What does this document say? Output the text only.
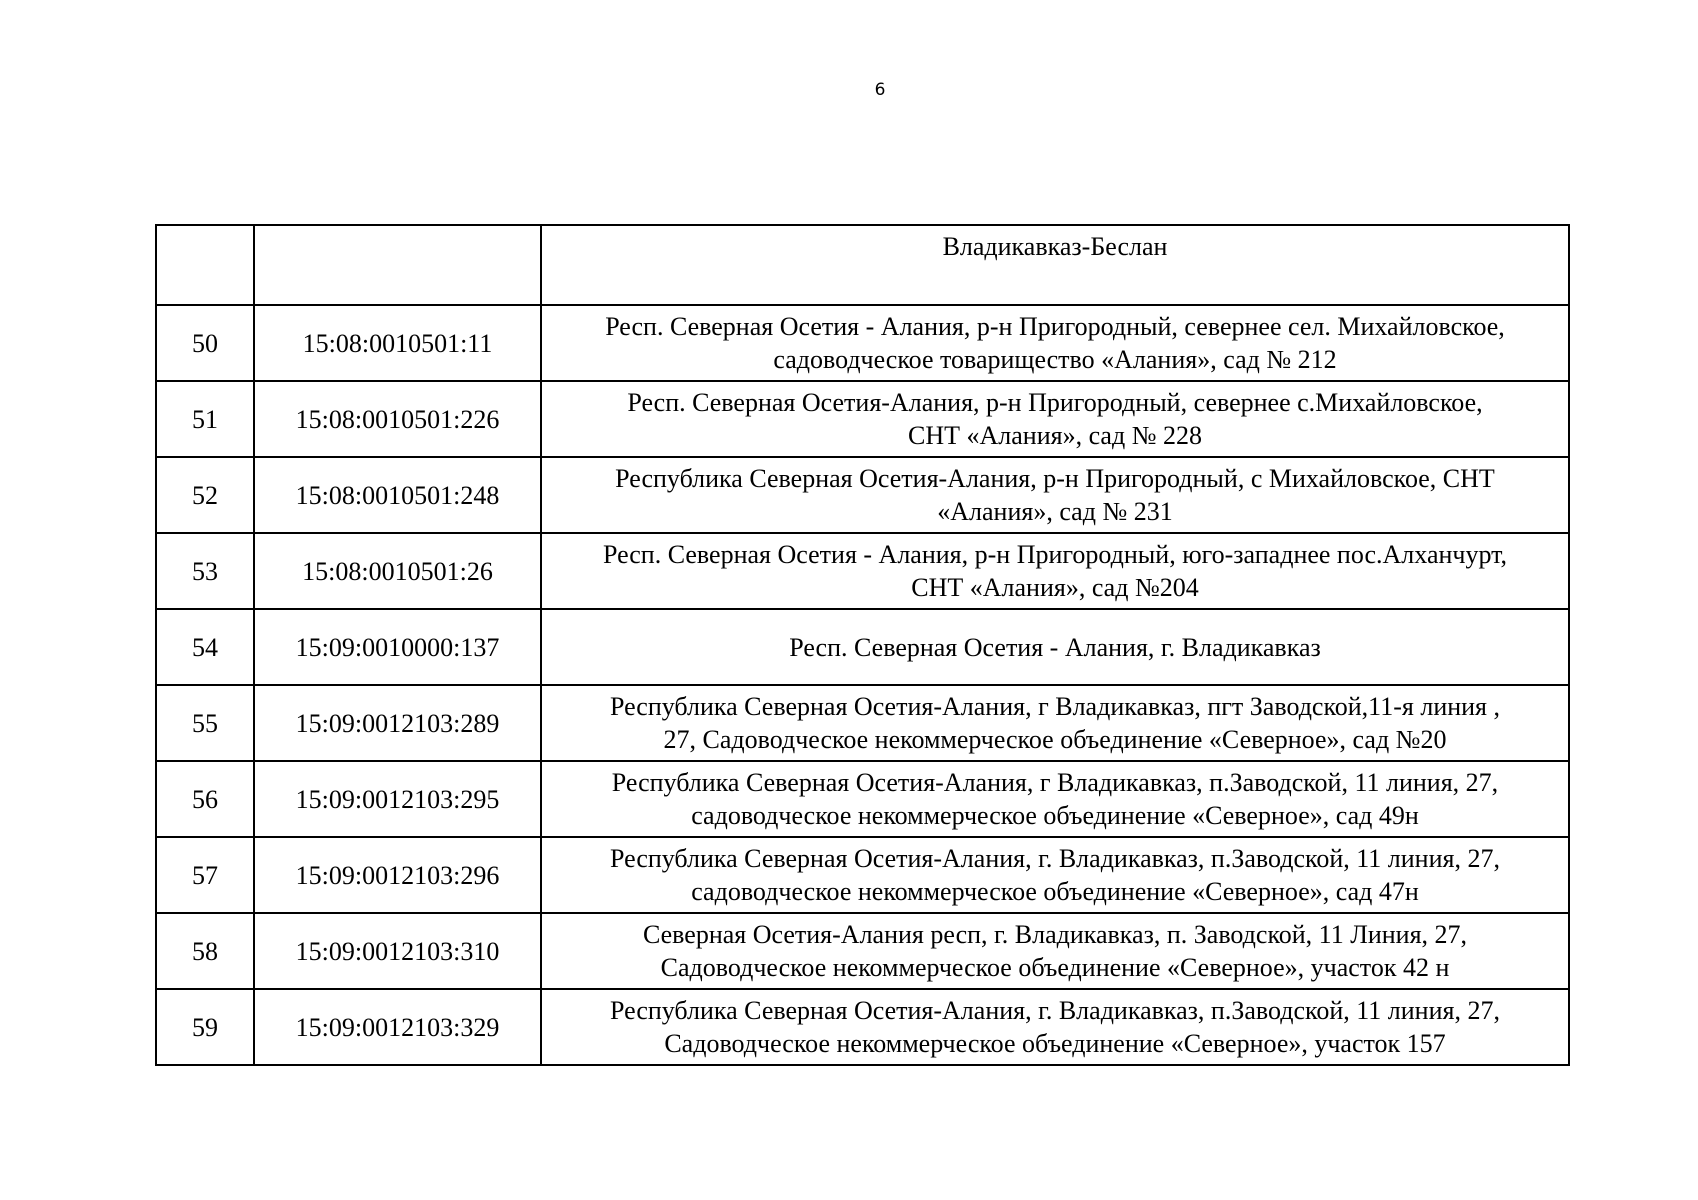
6
		Владикавказ-Беслан
50	15:08:0010501:11	Респ. Северная Осетия - Алания, р-н Пригородный, севернее сел. Михайловское,
садоводческое товарищество «Алания», сад № 212

51	15:08:0010501:226	Респ. Северная Осетия-Алания, р-н Пригородный, севернее с.Михайловское,
СНТ «Алания», сад № 228

52	15:08:0010501:248	Республика Северная Осетия-Алания, р-н Пригородный, с Михайловское, СНТ
«Алания», сад № 231

53	15:08:0010501:26	Респ. Северная Осетия - Алания, р-н Пригородный, юго-западнее пос.Алханчурт,
СНТ «Алания», сад №204

54	15:09:0010000:137	Респ. Северная Осетия - Алания, г. Владикавказ

55	15:09:0012103:289	Республика Северная Осетия-Алания, г Владикавказ, пгт Заводской,11-я линия ,
27, Садоводческое некоммерческое объединение «Северное», сад №20

56	15:09:0012103:295	Республика Северная Осетия-Алания, г Владикавказ, п.Заводской, 11 линия, 27,
садоводческое некоммерческое объединение «Северное», сад 49н

57	15:09:0012103:296	Республика Северная Осетия-Алания, г. Владикавказ, п.Заводской, 11 линия, 27,
садоводческое некоммерческое объединение «Северное», сад 47н

58	15:09:0012103:310	Северная Осетия-Алания респ, г. Владикавказ, п. Заводской, 11 Линия, 27,
Садоводческое некоммерческое объединение «Северное», участок 42 н

59	15:09:0012103:329	Республика Северная Осетия-Алания, г. Владикавказ, п.Заводской, 11 линия, 27,
Садоводческое некоммерческое объединение «Северное», участок 157
